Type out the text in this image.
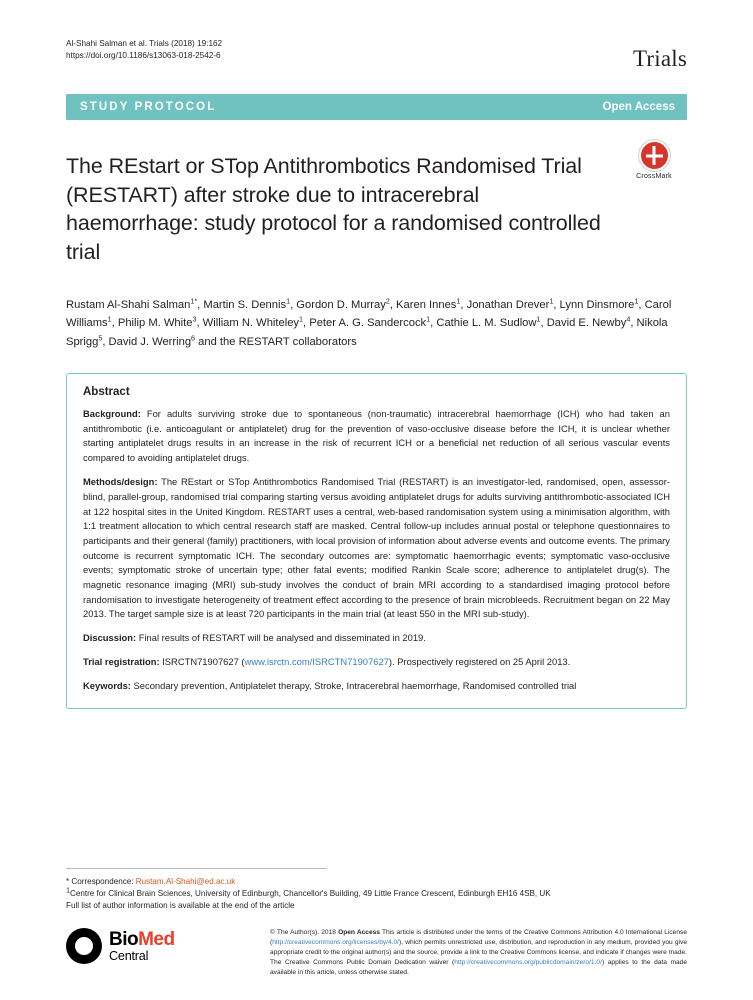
Al-Shahi Salman et al. Trials (2018) 19:162
https://doi.org/10.1186/s13063-018-2542-6	Trials
STUDY PROTOCOL	Open Access
The REstart or STop Antithrombotics Randomised Trial (RESTART) after stroke due to intracerebral haemorrhage: study protocol for a randomised controlled trial
CrossMark
Rustam Al-Shahi Salman$^{1*}$, Martin S. Dennis$^1$, Gordon D. Murray$^2$, Karen Innes$^1$, Jonathan Drever$^1$, Lynn Dinsmore$^1$, Carol Williams$^1$, Philip M. White$^3$, William N. Whiteley$^1$, Peter A. G. Sandercock$^1$, Cathie L. M. Sudlow$^1$, David E. Newby$^4$, Nikola Sprigg$^5$, David J. Werring$^6$ and the RESTART collaborators
Abstract

Background: For adults surviving stroke due to spontaneous (non-traumatic) intracerebral haemorrhage (ICH) who had taken an antithrombotic (i.e. anticoagulant or antiplatelet) drug for the prevention of vaso-occlusive disease before the ICH, it is unclear whether starting antiplatelet drugs results in an increase in the risk of recurrent ICH or a beneficial net reduction of all serious vascular events compared to avoiding antiplatelet drugs.

Methods/design: The REstart or STop Antithrombotics Randomised Trial (RESTART) is an investigator-led, randomised, open, assessor-blind, parallel-group, randomised trial comparing starting versus avoiding antiplatelet drugs for adults surviving antithrombotic-associated ICH at 122 hospital sites in the United Kingdom. RESTART uses a central, web-based randomisation system using a minimisation algorithm, with 1:1 treatment allocation to which central research staff are masked. Central follow-up includes annual postal or telephone questionnaires to participants and their general (family) practitioners, with local provision of information about adverse events and outcome events. The primary outcome is recurrent symptomatic ICH. The secondary outcomes are: symptomatic haemorrhagic events; symptomatic vaso-occlusive events; symptomatic stroke of uncertain type; other fatal events; modified Rankin Scale score; adherence to antiplatelet drug(s). The magnetic resonance imaging (MRI) sub-study involves the conduct of brain MRI according to a standardised imaging protocol before randomisation to investigate heterogeneity of treatment effect according to the presence of brain microbleeds. Recruitment began on 22 May 2013. The target sample size is at least 720 participants in the main trial (at least 550 in the MRI sub-study).

Discussion: Final results of RESTART will be analysed and disseminated in 2019.

Trial registration: ISRCTN71907627 (www.isrctn.com/ISRCTN71907627). Prospectively registered on 25 April 2013.

Keywords: Secondary prevention, Antiplatelet therapy, Stroke, Intracerebral haemorrhage, Randomised controlled trial

* Correspondence: Rustam.Al-Shahi@ed.ac.uk
$^1$Centre for Clinical Brain Sciences, University of Edinburgh, Chancellor's Building, 49 Little France Crescent, Edinburgh EH16 4SB, UK
Full list of author information is available at the end of the article
BioMed
Central
© The Author(s). 2018 Open Access This article is distributed under the terms of the Creative Commons Attribution 4.0 International License (http://creativecommons.org/licenses/by/4.0/), which permits unrestricted use, distribution, and reproduction in any medium, provided you give appropriate credit to the original author(s) and the source, provide a link to the Creative Commons license, and indicate if changes were made. The Creative Commons Public Domain Dedication waiver (http://creativecommons.org/publicdomain/zero/1.0/) applies to the data made available in this article, unless otherwise stated.
